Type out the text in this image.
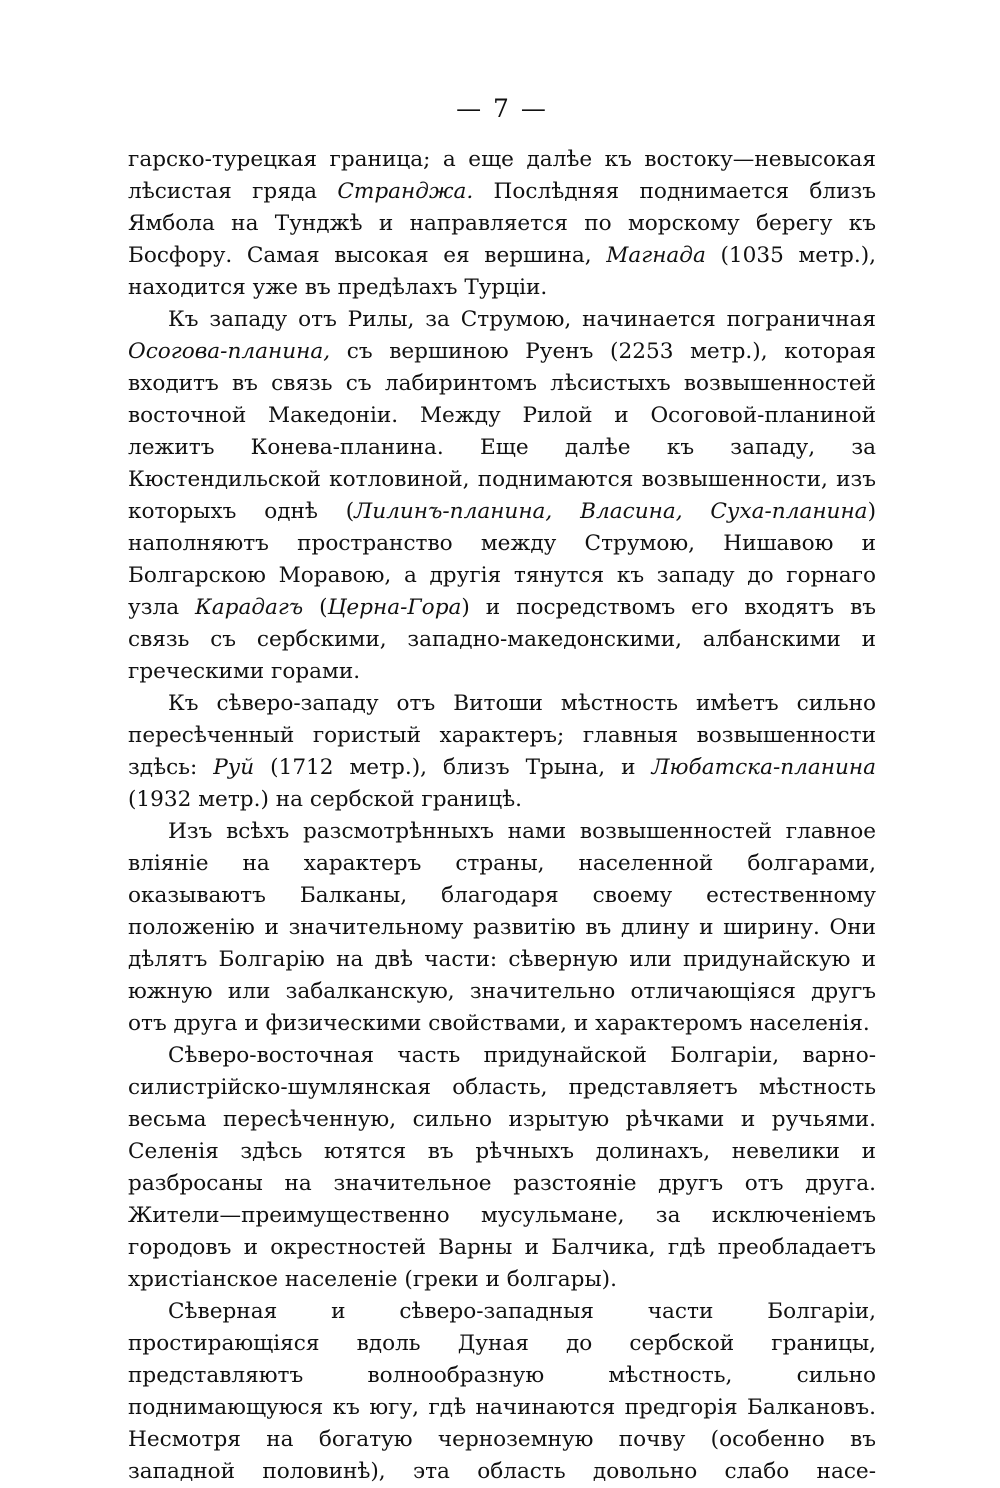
— 7 —
гарско-турецкая граница; а еще далѣе къ востоку—невысокая лѣсистая гряда Странджа. Послѣдняя поднимается близъ Ямбола на Тунджѣ и направляется по морскому берегу къ Босфору. Самая высокая ея вершина, Магнада (1035 метр.), находится уже въ предѣлахъ Турціи.
Къ западу отъ Рилы, за Струмою, начинается пограничная Осогова-планина, съ вершиною Руенъ (2253 метр.), которая входитъ въ связь съ лабиринтомъ лѣсистыхъ возвышенностей восточной Македоніи. Между Рилой и Осоговой-планиной лежитъ Конева-планина. Еще далѣе къ западу, за Кюстендильской котловиной, поднимаются возвышенности, изъ которыхъ однѣ (Лилинъ-планина, Власина, Суха-планина) наполняютъ пространство между Струмою, Нишавою и Болгарскою Моравою, а другія тянутся къ западу до горнаго узла Карадагъ (Церна-Гора) и посредствомъ его входятъ въ связь съ сербскими, западно-македонскими, албанскими и греческими горами.
Къ сѣверо-западу отъ Витоши мѣстность имѣетъ сильно пересѣченный гористый характеръ; главныя возвышенности здѣсь: Руй (1712 метр.), близъ Трына, и Любатска-планина (1932 метр.) на сербской границѣ.
Изъ всѣхъ разсмотрѣнныхъ нами возвышенностей главное вліяніе на характеръ страны, населенной болгарами, оказываютъ Балканы, благодаря своему естественному положенію и значительному развитію въ длину и ширину. Они дѣлятъ Болгарію на двѣ части: сѣверную или придунайскую и южную или забалканскую, значительно отличающіяся другъ отъ друга и физическими свойствами, и характеромъ населенія.
Сѣверо-восточная часть придунайской Болгаріи, варно-силистрійско-шумлянская область, представляетъ мѣстность весьма пересѣченную, сильно изрытую рѣчками и ручьями. Селенія здѣсь ютятся въ рѣчныхъ долинахъ, невелики и разбросаны на значительное разстояніе другъ отъ друга. Жители—преимущественно мусульмане, за исключеніемъ городовъ и окрестностей Варны и Балчика, гдѣ преобладаетъ христіанское населеніе (греки и болгары).
Сѣверная и сѣверо-западныя части Болгаріи, простирающіяся вдоль Дуная до сербской границы, представляютъ волнообразную мѣстность, сильно поднимающуюся къ югу, гдѣ начинаются предгорія Балкановъ. Несмотря на богатую черноземную почву (особенно въ западной половинѣ), эта область довольно слабо насе-
